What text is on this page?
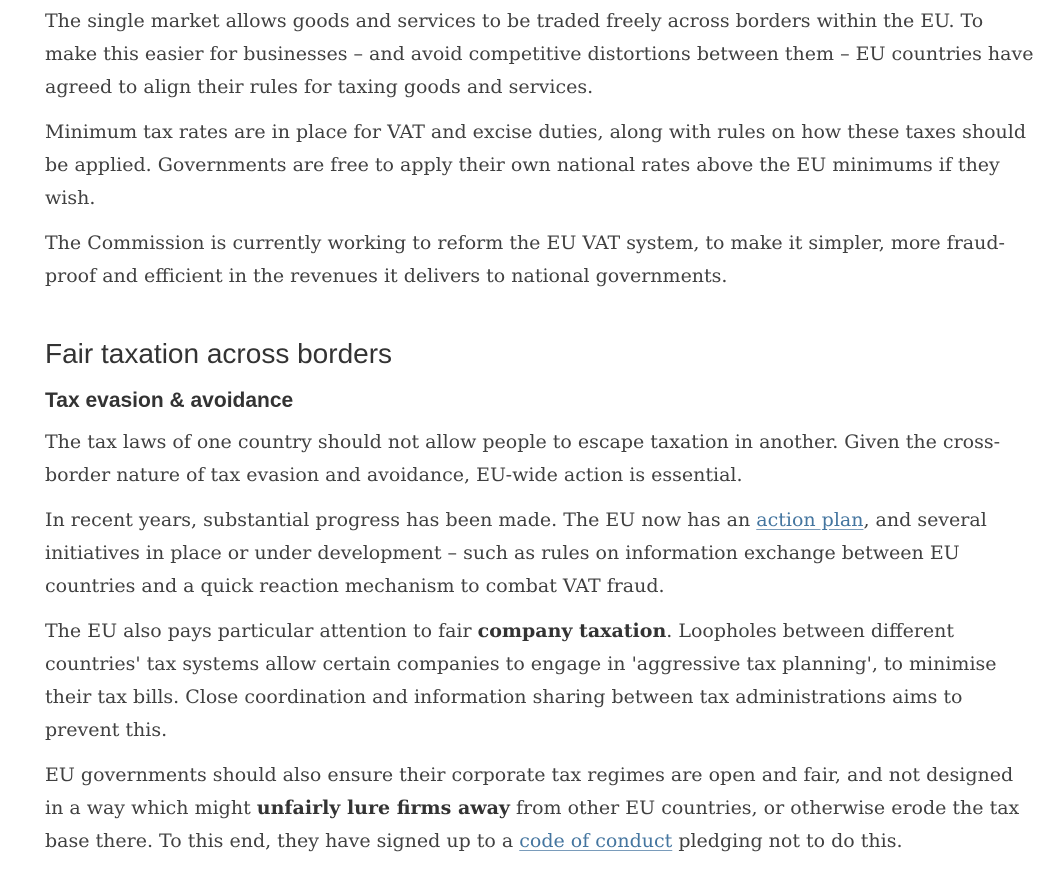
The single market allows goods and services to be traded freely across borders within the EU. To make this easier for businesses – and avoid competitive distortions between them – EU countries have agreed to align their rules for taxing goods and services.

Minimum tax rates are in place for VAT and excise duties, along with rules on how these taxes should be applied. Governments are free to apply their own national rates above the EU minimums if they wish.

The Commission is currently working to reform the EU VAT system, to make it simpler, more fraud-proof and efficient in the revenues it delivers to national governments.

Fair taxation across borders
Tax evasion & avoidance

The tax laws of one country should not allow people to escape taxation in another. Given the cross-border nature of tax evasion and avoidance, EU-wide action is essential.

In recent years, substantial progress has been made. The EU now has an action plan, and several initiatives in place or under development – such as rules on information exchange between EU countries and a quick reaction mechanism to combat VAT fraud.

The EU also pays particular attention to fair company taxation. Loopholes between different countries' tax systems allow certain companies to engage in 'aggressive tax planning', to minimise their tax bills. Close coordination and information sharing between tax administrations aims to prevent this.

EU governments should also ensure their corporate tax regimes are open and fair, and not designed in a way which might unfairly lure firms away from other EU countries, or otherwise erode the tax base there. To this end, they have signed up to a code of conduct pledging not to do this.
